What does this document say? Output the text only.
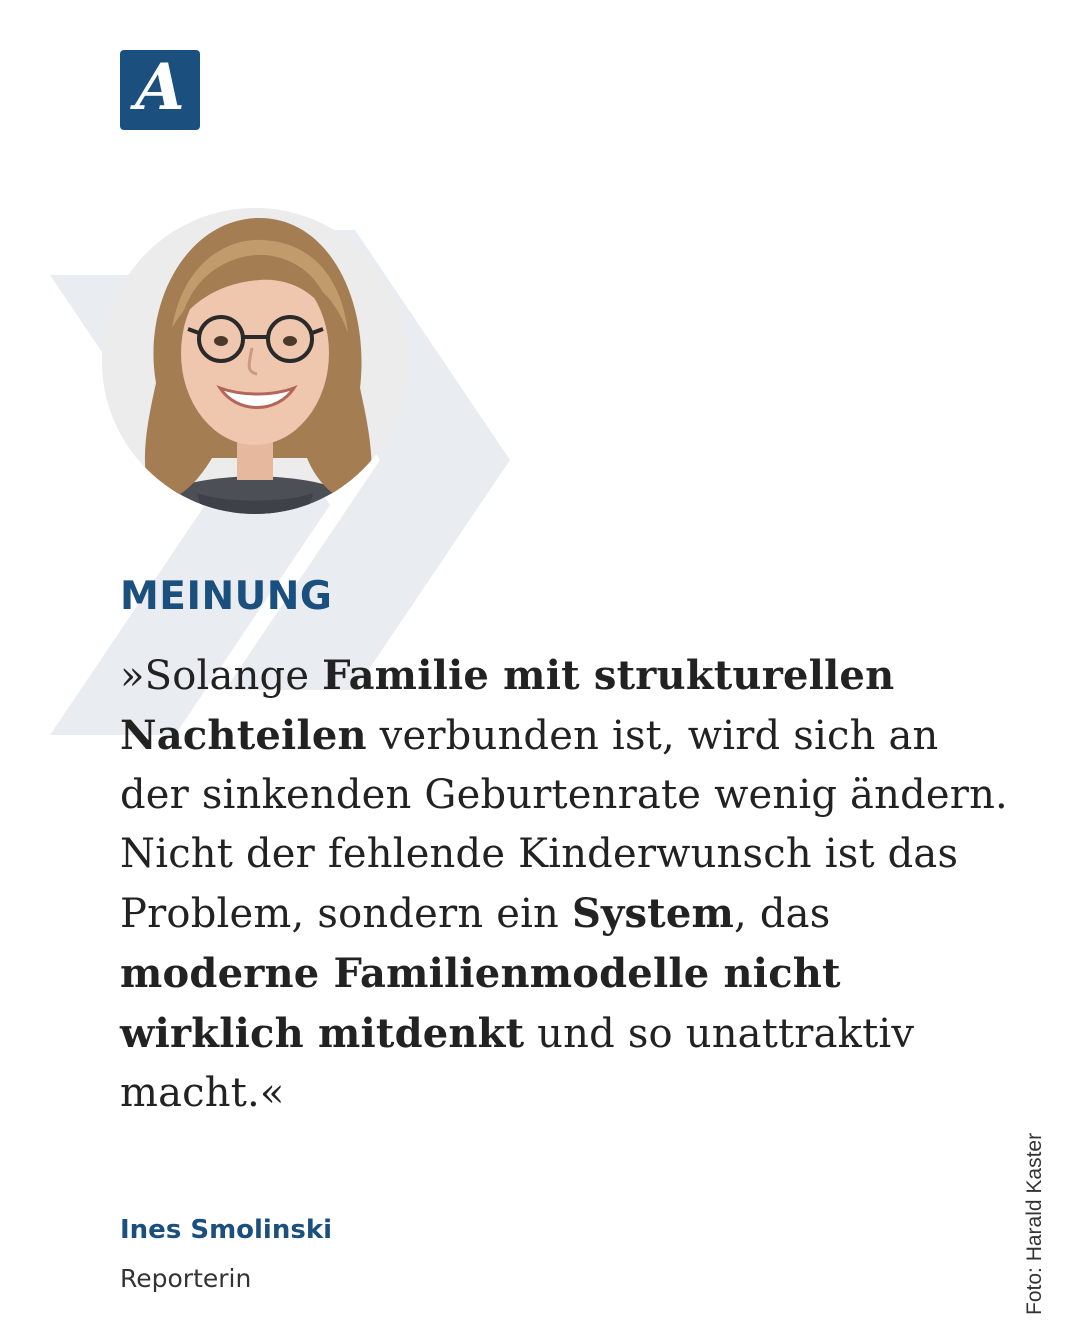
A
MEINUNG

»Solange Familie mit strukturellen Nachteilen verbunden ist, wird sich an der sinkenden Geburtenrate wenig ändern. Nicht der fehlende Kinderwunsch ist das Problem, sondern ein System, das moderne Familienmodelle nicht wirklich mitdenkt und so unattraktiv macht.«

Ines Smolinski

Reporterin	Foto: Harald Kaster
